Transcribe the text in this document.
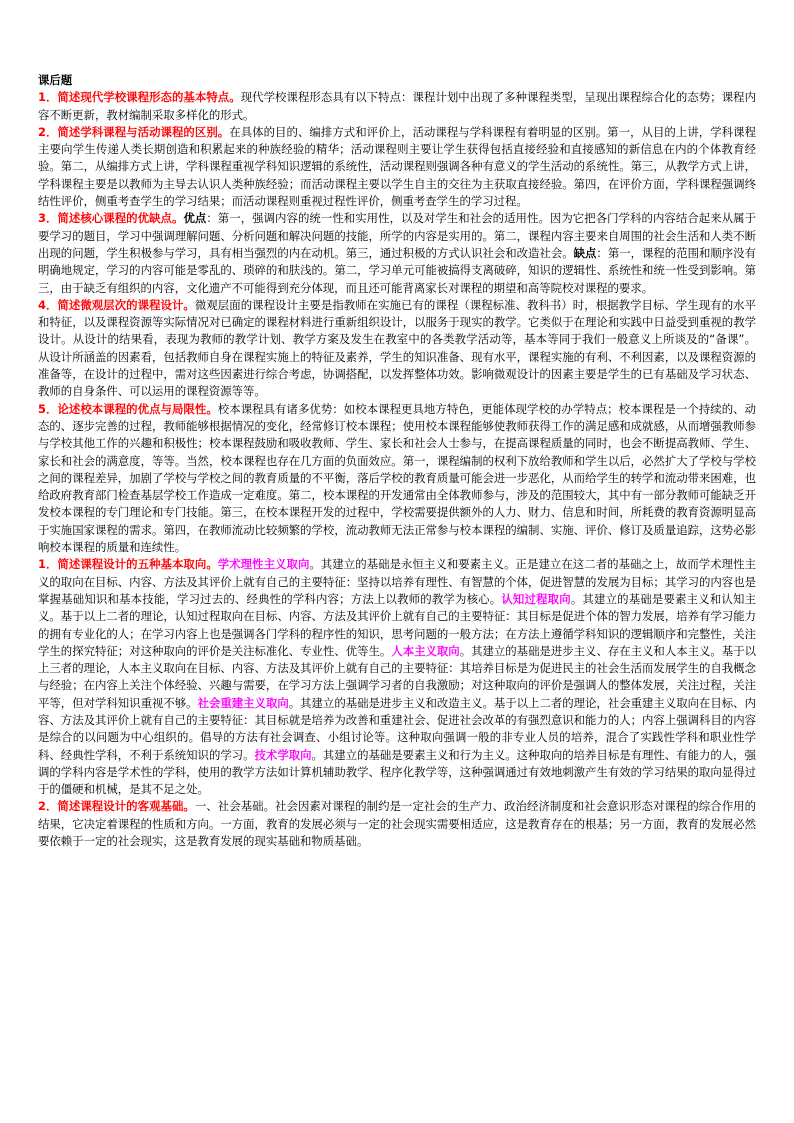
课后题

1．简述现代学校课程形态的基本特点。现代学校课程形态具有以下特点：课程计划中出现了多种课程类型，呈现出课程综合化的态势；课程内容不断更新，教材编制采取多样化的形式。

2．简述学科课程与活动课程的区别。在具体的目的、编排方式和评价上，活动课程与学科课程有着明显的区别。第一，从目的上讲，学科课程主要向学生传递人类长期创造和积累起来的种族经验的精华；活动课程则主要让学生获得包括直接经验和直接感知的新信息在内的个体教育经验。第二，从编排方式上讲，学科课程重视学科知识逻辑的系统性，活动课程则强调各种有意义的学生活动的系统性。第三，从教学方式上讲，学科课程主要是以教师为主导去认识人类种族经验；而活动课程主要以学生自主的交往为主获取直接经验。第四，在评价方面，学科课程强调终结性评价，侧重考查学生的学习结果；而活动课程则重视过程性评价，侧重考查学生的学习过程。

3．简述核心课程的优缺点。优点：第一，强调内容的统一性和实用性，以及对学生和社会的适用性。因为它把各门学科的内容结合起来从属于要学习的题目，学习中强调理解问题、分析问题和解决问题的技能，所学的内容是实用的。第二，课程内容主要来自周围的社会生活和人类不断出现的问题，学生积极参与学习，具有相当强烈的内在动机。第三，通过积极的方式认识社会和改造社会。缺点：第一，课程的范围和顺序没有明确地规定，学习的内容可能是零乱的、琐碎的和肤浅的。第二，学习单元可能被搞得支离破碎，知识的逻辑性、系统性和统一性受到影响。第三，由于缺乏有组织的内容，文化遗产不可能得到充分体现，而且还可能背离家长对课程的期望和高等院校对课程的要求。

4．简述微观层次的课程设计。微观层面的课程设计主要是指教师在实施已有的课程（课程标准、教科书）时，根据教学目标、学生现有的水平和特征，以及课程资源等实际情况对已确定的课程材料进行重新组织设计，以服务于现实的教学。它类似于在理论和实践中日益受到重视的教学设计。从设计的结果看，表现为教师的教学计划、教学方案及发生在教室中的各类教学活动等，基本等同于我们一般意义上所谈及的“备课”。从设计所涵盖的因素看，包括教师自身在课程实施上的特征及素养，学生的知识准备、现有水平，课程实施的有利、不利因素，以及课程资源的准备等，在设计的过程中，需对这些因素进行综合考虑，协调搭配，以发挥整体功效。影响微观设计的因素主要是学生的已有基础及学习状态、教师的自身条件、可以运用的课程资源等等。

5．论述校本课程的优点与局限性。校本课程具有诸多优势：如校本课程更具地方特色，更能体现学校的办学特点；校本课程是一个持续的、动态的、逐步完善的过程，教师能够根据情况的变化，经常修订校本课程；使用校本课程能够使教师获得工作的满足感和成就感，从而增强教师参与学校其他工作的兴趣和积极性；校本课程鼓励和吸收教师、学生、家长和社会人士参与，在提高课程质量的同时，也会不断提高教师、学生、家长和社会的满意度，等等。当然，校本课程也存在几方面的负面效应。第一，课程编制的权利下放给教师和学生以后，必然扩大了学校与学校之间的课程差异，加剧了学校与学校之间的教育质量的不平衡，落后学校的教育质量可能会进一步恶化，从而给学生的转学和流动带来困难，也给政府教育部门检查基层学校工作造成一定难度。第二，校本课程的开发通常由全体教师参与，涉及的范围较大，其中有一部分教师可能缺乏开发校本课程的专门理论和专门技能。第三，在校本课程开发的过程中，学校需要提供额外的人力、财力、信息和时间，所耗费的教育资源明显高于实施国家课程的需求。第四，在教师流动比较频繁的学校，流动教师无法正常参与校本课程的编制、实施、评价、修订及质量追踪，这势必影响校本课程的质量和连续性。

1．简述课程设计的五种基本取向。学术理性主义取向。其建立的基础是永恒主义和要素主义。正是建立在这二者的基础之上，故而学术理性主义的取向在目标、内容、方法及其评价上就有自己的主要特征：坚持以培养有理性、有智慧的个体，促进智慧的发展为目标；其学习的内容也是掌握基础知识和基本技能，学习过去的、经典性的学科内容；方法上以教师的教学为核心。认知过程取向。其建立的基础是要素主义和认知主义。基于以上二者的理论，认知过程取向在目标、内容、方法及其评价上就有自己的主要特征：其目标是促进个体的智力发展，培养有学习能力的拥有专业化的人；在学习内容上也是强调各门学科的程序性的知识，思考问题的一般方法；在方法上遵循学科知识的逻辑顺序和完整性，关注学生的探究特征；对这种取向的评价是关注标准化、专业性、优等生。人本主义取向。其建立的基础是进步主义、存在主义和人本主义。基于以上三者的理论，人本主义取向在目标、内容、方法及其评价上就有自己的主要特征：其培养目标是为促进民主的社会生活而发展学生的自我概念与经验；在内容上关注个体经验、兴趣与需要，在学习方法上强调学习者的自我激励；对这种取向的评价是强调人的整体发展，关注过程，关注平等，但对学科知识重视不够。社会重建主义取向。其建立的基础是进步主义和改造主义。基于以上二者的理论，社会重建主义取向在目标、内容、方法及其评价上就有自己的主要特征：其目标就是培养为改善和重建社会、促进社会改革的有强烈意识和能力的人；内容上强调科目的内容是综合的以问题为中心组织的。倡导的方法有社会调查、小组讨论等。这种取向强调一般的非专业人员的培养，混合了实践性学科和职业性学科、经典性学科，不利于系统知识的学习。技术学取向。其建立的基础是要素主义和行为主义。这种取向的培养目标是有理性、有能力的人，强调的学科内容是学术性的学科，使用的教学方法如计算机辅助教学、程序化教学等，这种强调通过有效地刺激产生有效的学习结果的取向显得过于的僵硬和机械，是其不足之处。

2．简述课程设计的客观基础。一、社会基础。社会因素对课程的制约是一定社会的生产力、政治经济制度和社会意识形态对课程的综合作用的结果，它决定着课程的性质和方向。一方面，教育的发展必须与一定的社会现实需要相适应，这是教育存在的根基；另一方面，教育的发展必然要依赖于一定的社会现实，这是教育发展的现实基础和物质基础。
